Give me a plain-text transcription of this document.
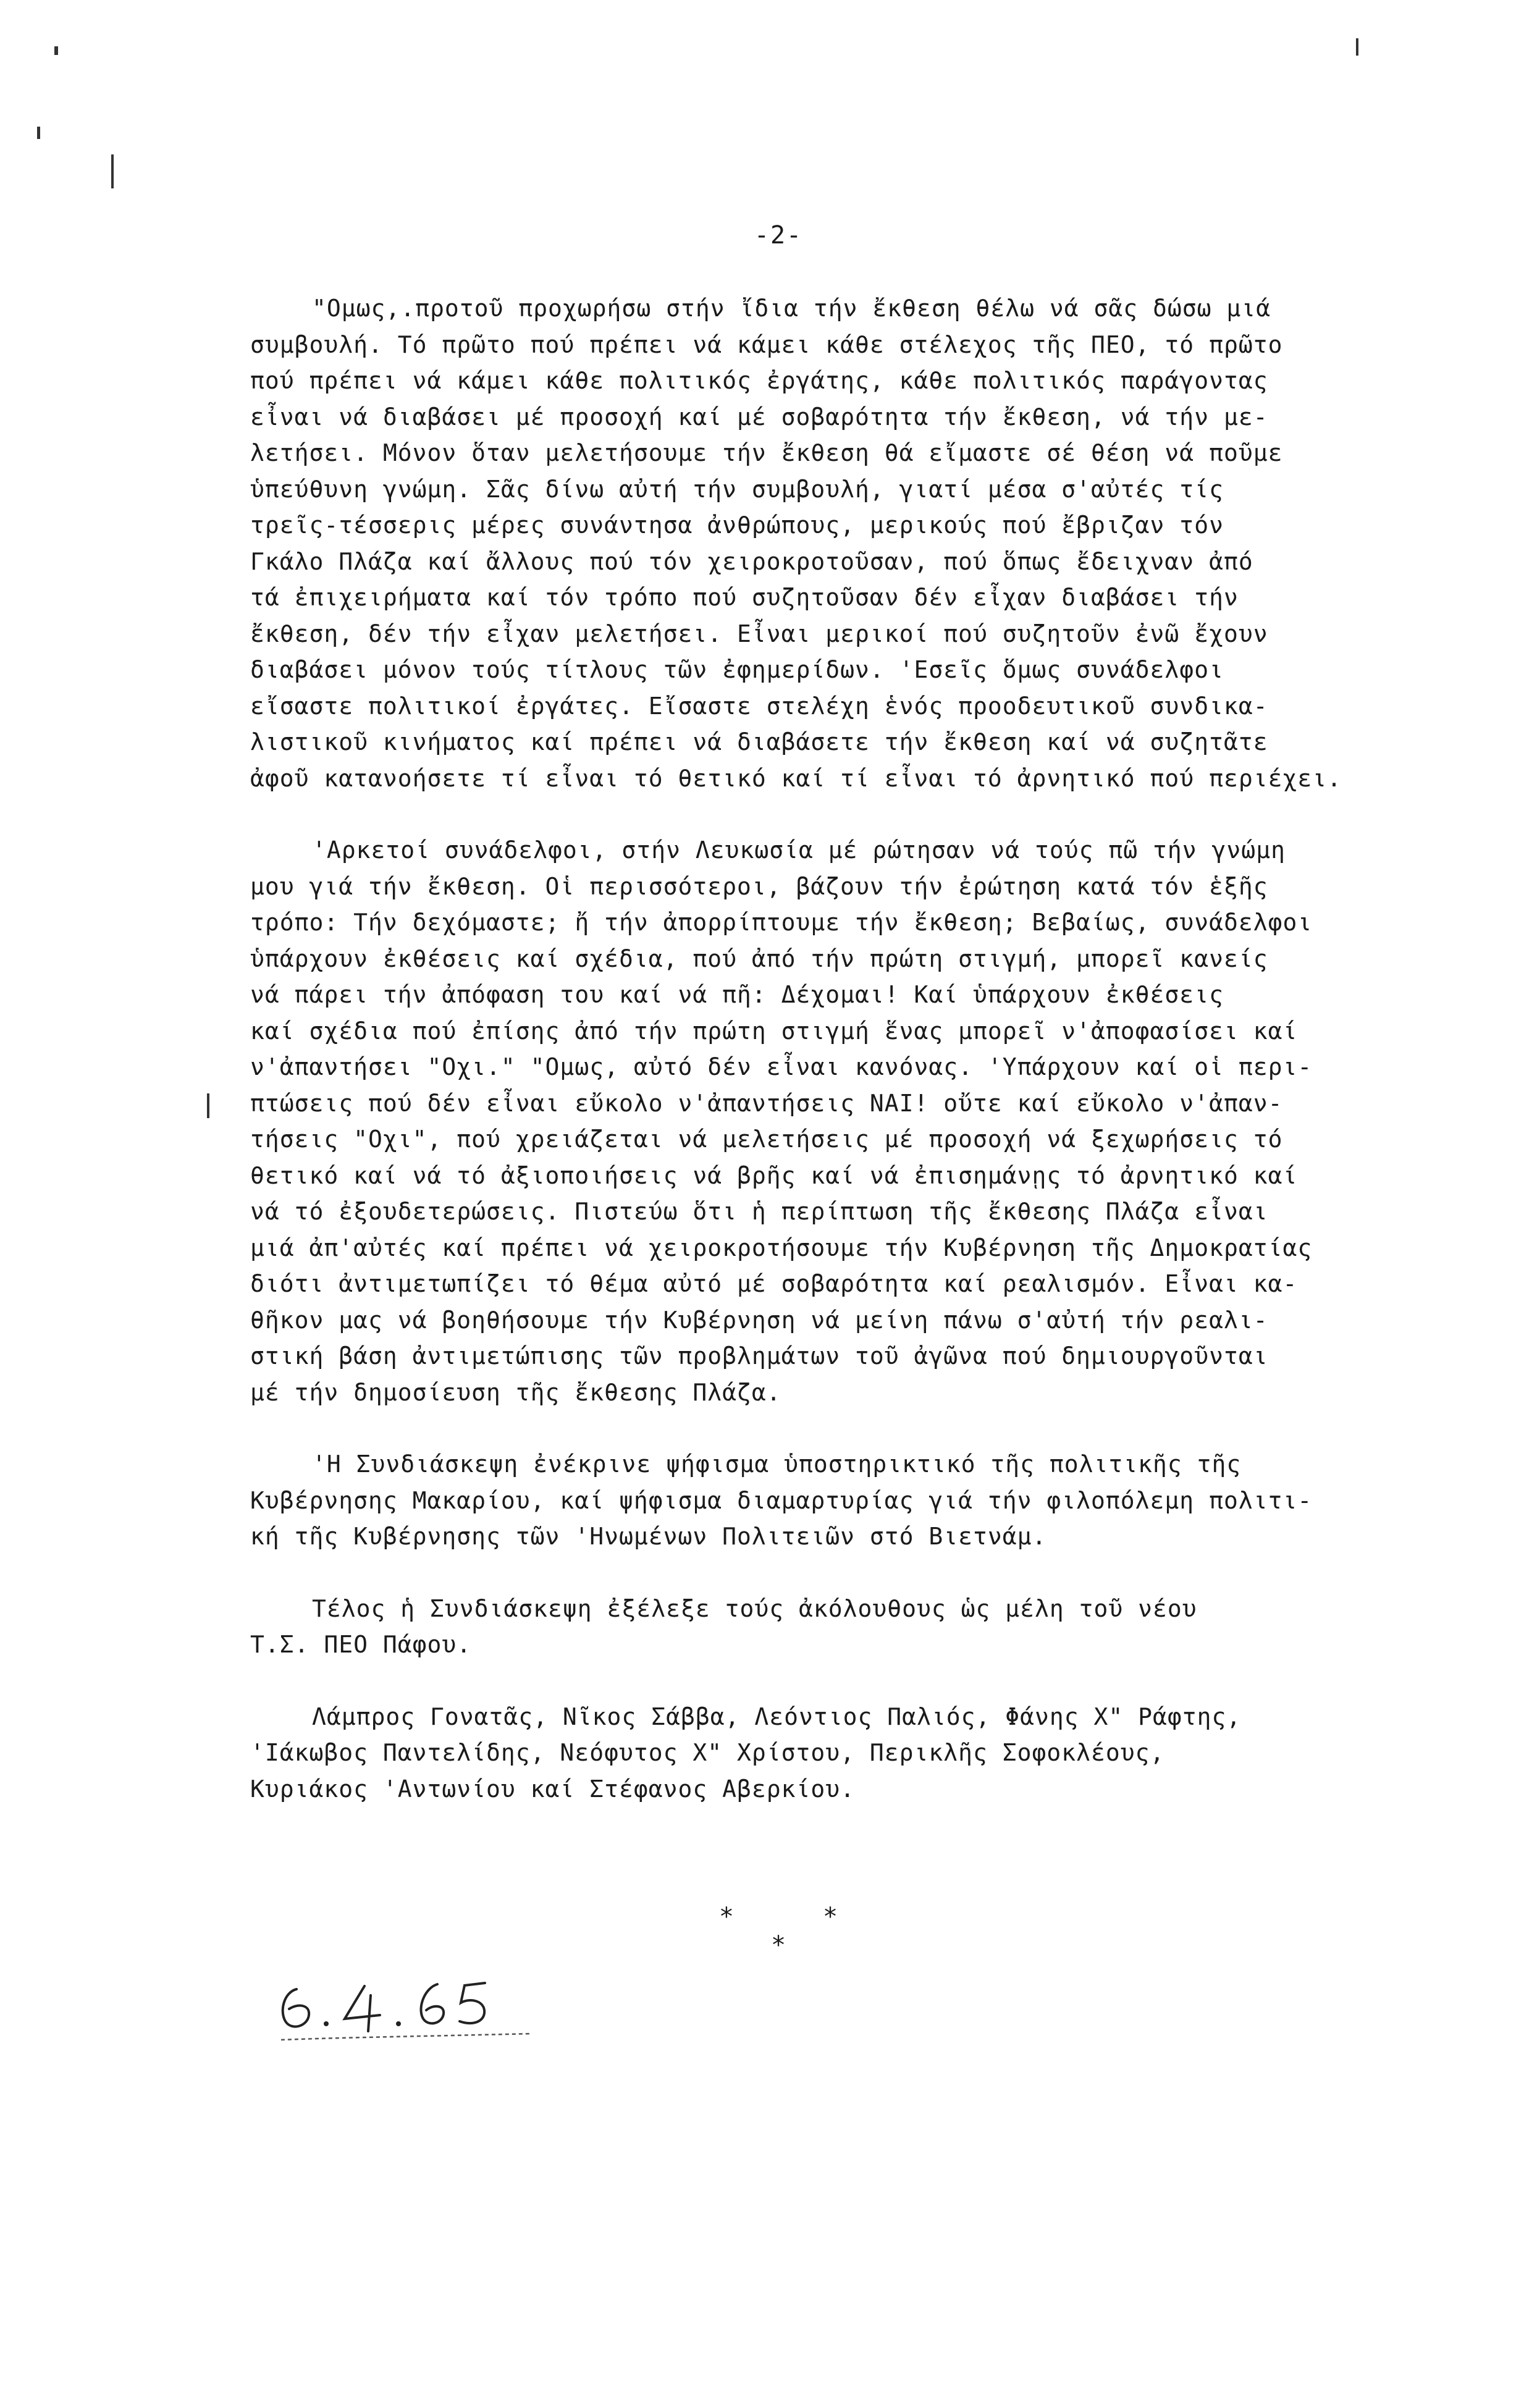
-2-
"Ομως,.προτοῦ προχωρήσω στήν ἴδια τήν ἔκθεση θέλω νά σᾶς δώσω μιά
συμβουλή. Τό πρῶτο πού πρέπει νά κάμει κάθε στέλεχος τῆς ΠΕΟ, τό πρῶτο
πού πρέπει νά κάμει κάθε πολιτικός ἐργάτης, κάθε πολιτικός παράγοντας
εἶναι νά διαβάσει μέ προσοχή καί μέ σοβαρότητα τήν ἔκθεση, νά τήν με-
λετήσει. Μόνον ὅταν μελετήσουμε τήν ἔκθεση θά εἴμαστε σέ θέση νά ποῦμε
ὑπεύθυνη γνώμη. Σᾶς δίνω αὐτή τήν συμβουλή, γιατί μέσα σ'αὐτές τίς
τρεῖς-τέσσερις μέρες συνάντησα ἀνθρώπους, μερικούς πού ἔβριζαν τόν
Γκάλο Πλάζα καί ἄλλους πού τόν χειροκροτοῦσαν, πού ὅπως ἔδειχναν ἀπό
τά ἐπιχειρήματα καί τόν τρόπο πού συζητοῦσαν δέν εἶχαν διαβάσει τήν
ἔκθεση, δέν τήν εἶχαν μελετήσει. Εἶναι μερικοί πού συζητοῦν ἐνῶ ἔχουν
διαβάσει μόνον τούς τίτλους τῶν ἐφημερίδων. 'Εσεῖς ὅμως συνάδελφοι
εἴσαστε πολιτικοί ἐργάτες. Εἴσαστε στελέχη ἑνός προοδευτικοῦ συνδικα-
λιστικοῦ κινήματος καί πρέπει νά διαβάσετε τήν ἔκθεση καί νά συζητᾶτε
ἀφοῦ κατανοήσετε τί εἶναι τό θετικό καί τί εἶναι τό ἀρνητικό πού περιέχει.
'Αρκετοί συνάδελφοι, στήν Λευκωσία μέ ρώτησαν νά τούς πῶ τήν γνώμη
μου γιά τήν ἔκθεση. Οἱ περισσότεροι, βάζουν τήν ἐρώτηση κατά τόν ἑξῆς
τρόπο: Τήν δεχόμαστε; ἤ τήν ἀπορρίπτουμε τήν ἔκθεση; Βεβαίως, συνάδελφοι
ὑπάρχουν ἐκθέσεις καί σχέδια, πού ἀπό τήν πρώτη στιγμή, μπορεῖ κανείς
νά πάρει τήν ἀπόφαση του καί νά πῆ: Δέχομαι! Καί ὑπάρχουν ἐκθέσεις
καί σχέδια πού ἐπίσης ἀπό τήν πρώτη στιγμή ἕνας μπορεῖ ν'ἀποφασίσει καί
ν'ἀπαντήσει "Οχι." "Ομως, αὐτό δέν εἶναι κανόνας. 'Υπάρχουν καί οἱ περι-
πτώσεις πού δέν εἶναι εὔκολο ν'ἀπαντήσεις ΝΑΙ! οὔτε καί εὔκολο ν'ἀπαν-
τήσεις "Οχι", πού χρειάζεται νά μελετήσεις μέ προσοχή νά ξεχωρήσεις τό
θετικό καί νά τό ἀξιοποιήσεις νά βρῆς καί νά ἐπισημάνῃς τό ἀρνητικό καί
νά τό ἐξουδετερώσεις. Πιστεύω ὅτι ἡ περίπτωση τῆς ἔκθεσης Πλάζα εἶναι
μιά ἀπ'αὐτές καί πρέπει νά χειροκροτήσουμε τήν Κυβέρνηση τῆς Δημοκρατίας
διότι ἀντιμετωπίζει τό θέμα αὐτό μέ σοβαρότητα καί ρεαλισμόν. Εἶναι κα-
θῆκον μας νά βοηθήσουμε τήν Κυβέρνηση νά μείνη πάνω σ'αὐτή τήν ρεαλι-
στική βάση ἀντιμετώπισης τῶν προβλημάτων τοῦ ἀγῶνα πού δημιουργοῦνται
μέ τήν δημοσίευση τῆς ἔκθεσης Πλάζα.
'Η Συνδιάσκεψη ἐνέκρινε ψήφισμα ὑποστηρικτικό τῆς πολιτικῆς τῆς
Κυβέρνησης Μακαρίου, καί ψήφισμα διαμαρτυρίας γιά τήν φιλοπόλεμη πολιτι-
κή τῆς Κυβέρνησης τῶν 'Ηνωμένων Πολιτειῶν στό Βιετνάμ.
Τέλος ἡ Συνδιάσκεψη ἐξέλεξε τούς ἀκόλουθους ὡς μέλη τοῦ νέου
Τ.Σ. ΠΕΟ Πάφου.
Λάμπρος Γονατᾶς, Νῖκος Σάββα, Λεόντιος Παλιός, Φάνης Χ" Ράφτης,
'Ιάκωβος Παντελίδης, Νεόφυτος Χ" Χρίστου, Περικλῆς Σοφοκλέους,
Κυριάκος 'Αντωνίου καί Στέφανος Αβερκίου.
* * *
